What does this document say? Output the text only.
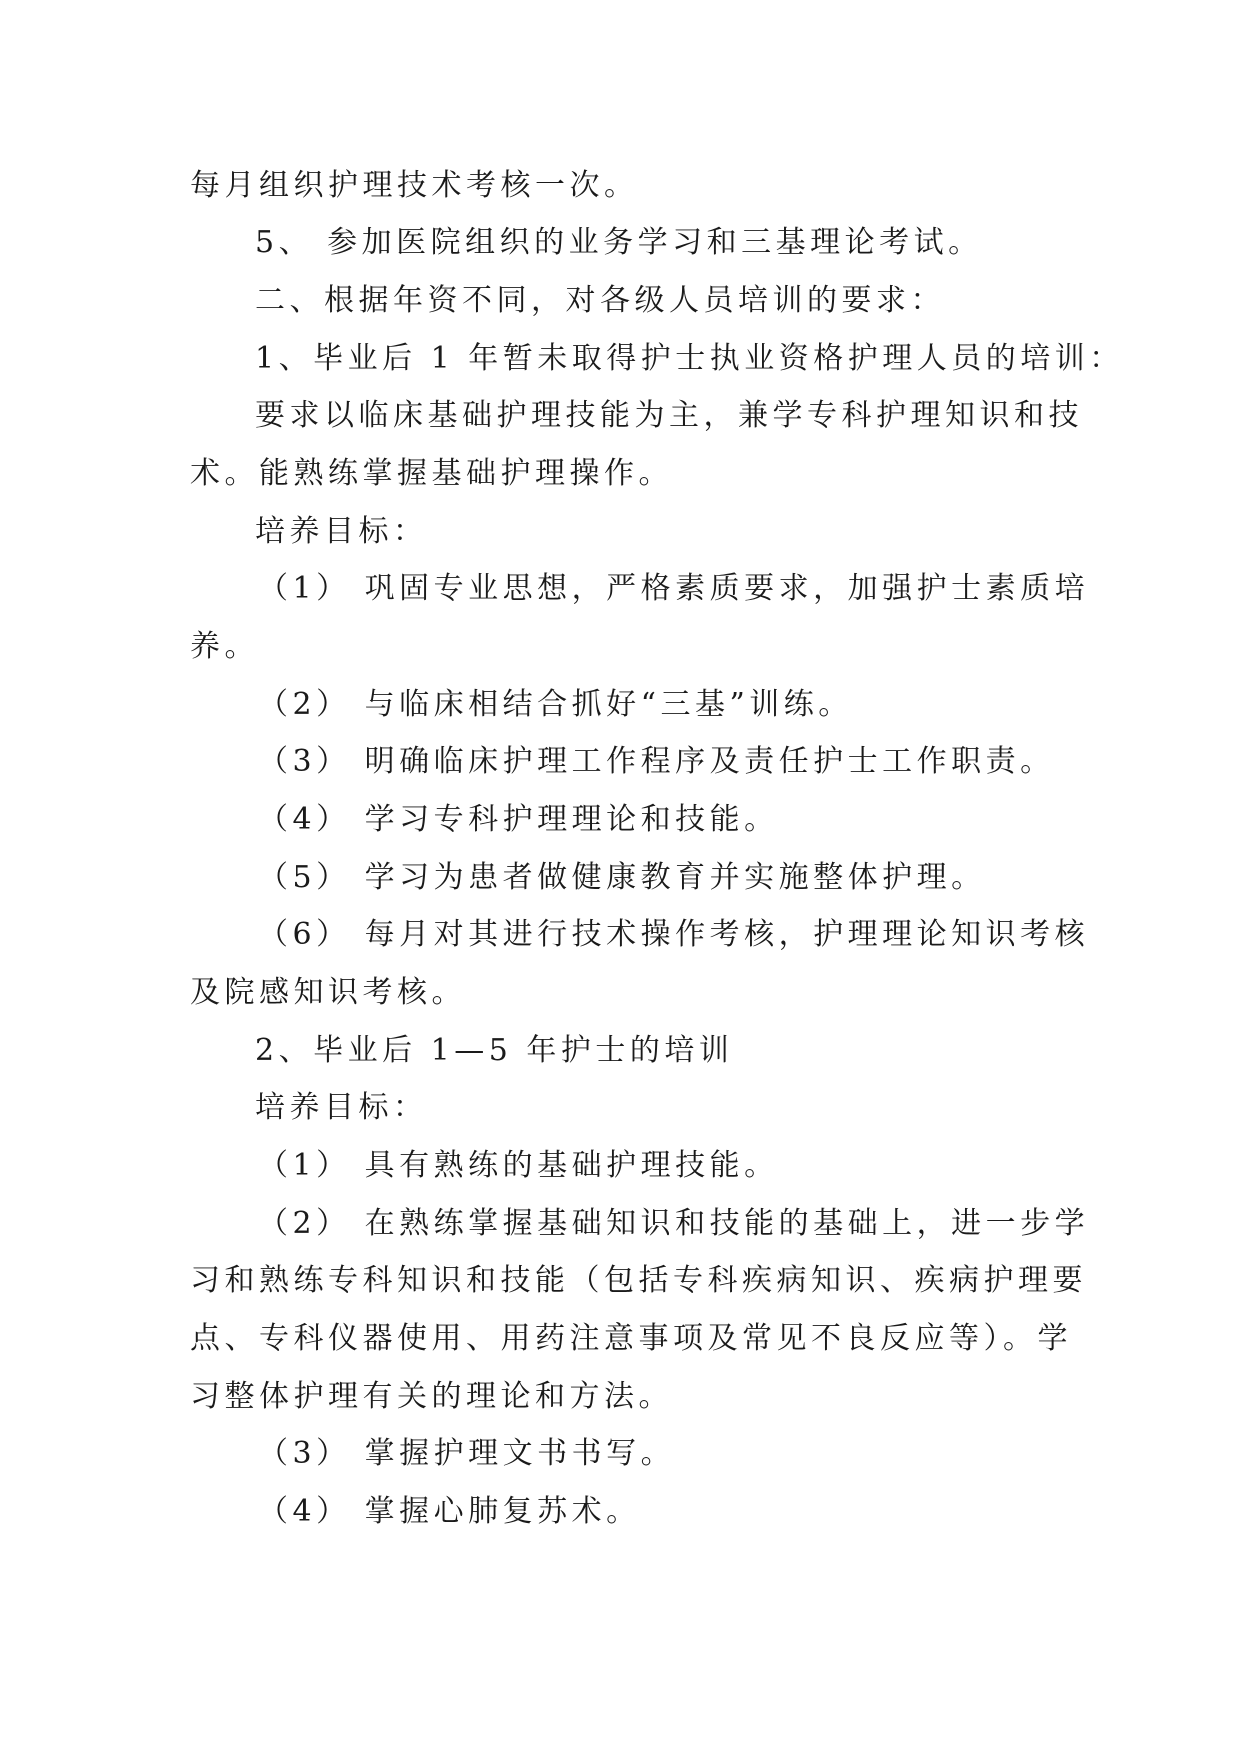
每月组织护理技术考核一次。
5、 参加医院组织的业务学习和三基理论考试。
二、根据年资不同，对各级人员培训的要求：
1、毕业后 1 年暂未取得护士执业资格护理人员的培训：
要求以临床基础护理技能为主，兼学专科护理知识和技
术。能熟练掌握基础护理操作。
培养目标：
（1） 巩固专业思想，严格素质要求，加强护士素质培
养。
（2） 与临床相结合抓好“三基”训练。
（3） 明确临床护理工作程序及责任护士工作职责。
（4） 学习专科护理理论和技能。
（5） 学习为患者做健康教育并实施整体护理。
（6） 每月对其进行技术操作考核，护理理论知识考核
及院感知识考核。
2、毕业后 1—5 年护士的培训
培养目标：
（1） 具有熟练的基础护理技能。
（2） 在熟练掌握基础知识和技能的基础上，进一步学
习和熟练专科知识和技能（包括专科疾病知识、疾病护理要
点、专科仪器使用、用药注意事项及常见不良反应等）。学
习整体护理有关的理论和方法。
（3） 掌握护理文书书写。
（4） 掌握心肺复苏术。
